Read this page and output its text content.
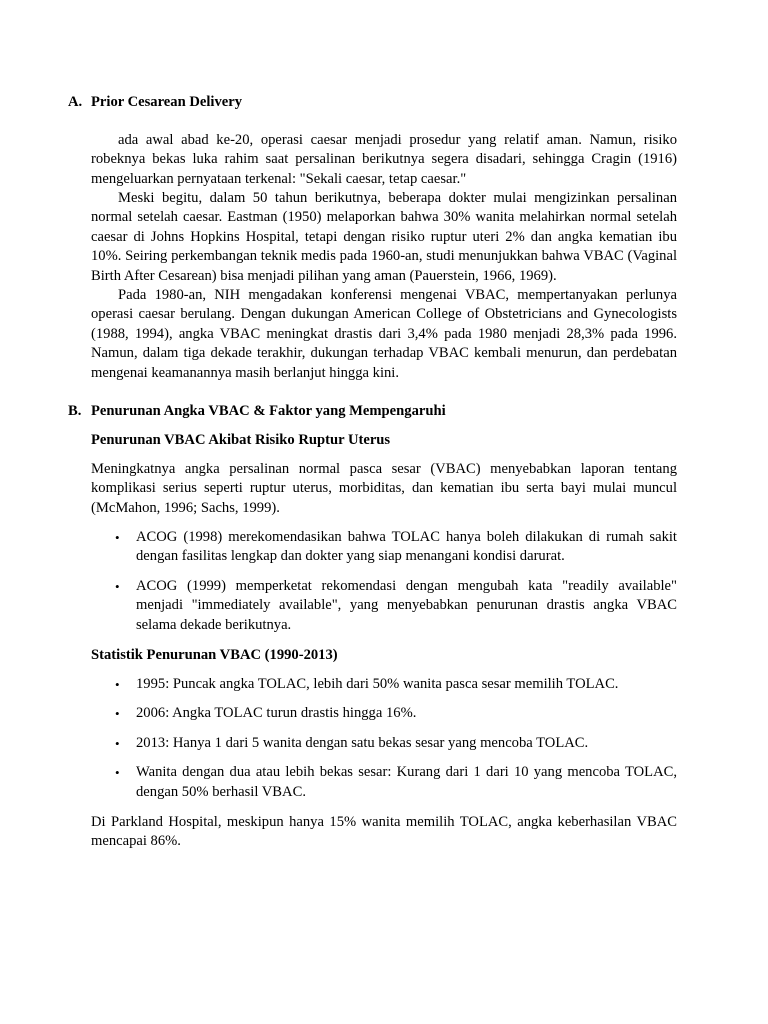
A. Prior Cesarean Delivery

ada awal abad ke-20, operasi caesar menjadi prosedur yang relatif aman. Namun, risiko robeknya bekas luka rahim saat persalinan berikutnya segera disadari, sehingga Cragin (1916) mengeluarkan pernyataan terkenal: "Sekali caesar, tetap caesar."

Meski begitu, dalam 50 tahun berikutnya, beberapa dokter mulai mengizinkan persalinan normal setelah caesar. Eastman (1950) melaporkan bahwa 30% wanita melahirkan normal setelah caesar di Johns Hopkins Hospital, tetapi dengan risiko ruptur uteri 2% dan angka kematian ibu 10%. Seiring perkembangan teknik medis pada 1960-an, studi menunjukkan bahwa VBAC (Vaginal Birth After Cesarean) bisa menjadi pilihan yang aman (Pauerstein, 1966, 1969).

Pada 1980-an, NIH mengadakan konferensi mengenai VBAC, mempertanyakan perlunya operasi caesar berulang. Dengan dukungan American College of Obstetricians and Gynecologists (1988, 1994), angka VBAC meningkat drastis dari 3,4% pada 1980 menjadi 28,3% pada 1996. Namun, dalam tiga dekade terakhir, dukungan terhadap VBAC kembali menurun, dan perdebatan mengenai keamanannya masih berlanjut hingga kini.

B. Penurunan Angka VBAC & Faktor yang Mempengaruhi
Penurunan VBAC Akibat Risiko Ruptur Uterus

Meningkatnya angka persalinan normal pasca sesar (VBAC) menyebabkan laporan tentang komplikasi serius seperti ruptur uterus, morbiditas, dan kematian ibu serta bayi mulai muncul (McMahon, 1996; Sachs, 1999).

• ACOG (1998) merekomendasikan bahwa TOLAC hanya boleh dilakukan di rumah sakit dengan fasilitas lengkap dan dokter yang siap menangani kondisi darurat.
• ACOG (1999) memperketat rekomendasi dengan mengubah kata "readily available" menjadi "immediately available", yang menyebabkan penurunan drastis angka VBAC selama dekade berikutnya.
Statistik Penurunan VBAC (1990-2013)
• 1995: Puncak angka TOLAC, lebih dari 50% wanita pasca sesar memilih TOLAC.
• 2006: Angka TOLAC turun drastis hingga 16%.
• 2013: Hanya 1 dari 5 wanita dengan satu bekas sesar yang mencoba TOLAC.
• Wanita dengan dua atau lebih bekas sesar: Kurang dari 1 dari 10 yang mencoba TOLAC, dengan 50% berhasil VBAC.

Di Parkland Hospital, meskipun hanya 15% wanita memilih TOLAC, angka keberhasilan VBAC mencapai 86%.
